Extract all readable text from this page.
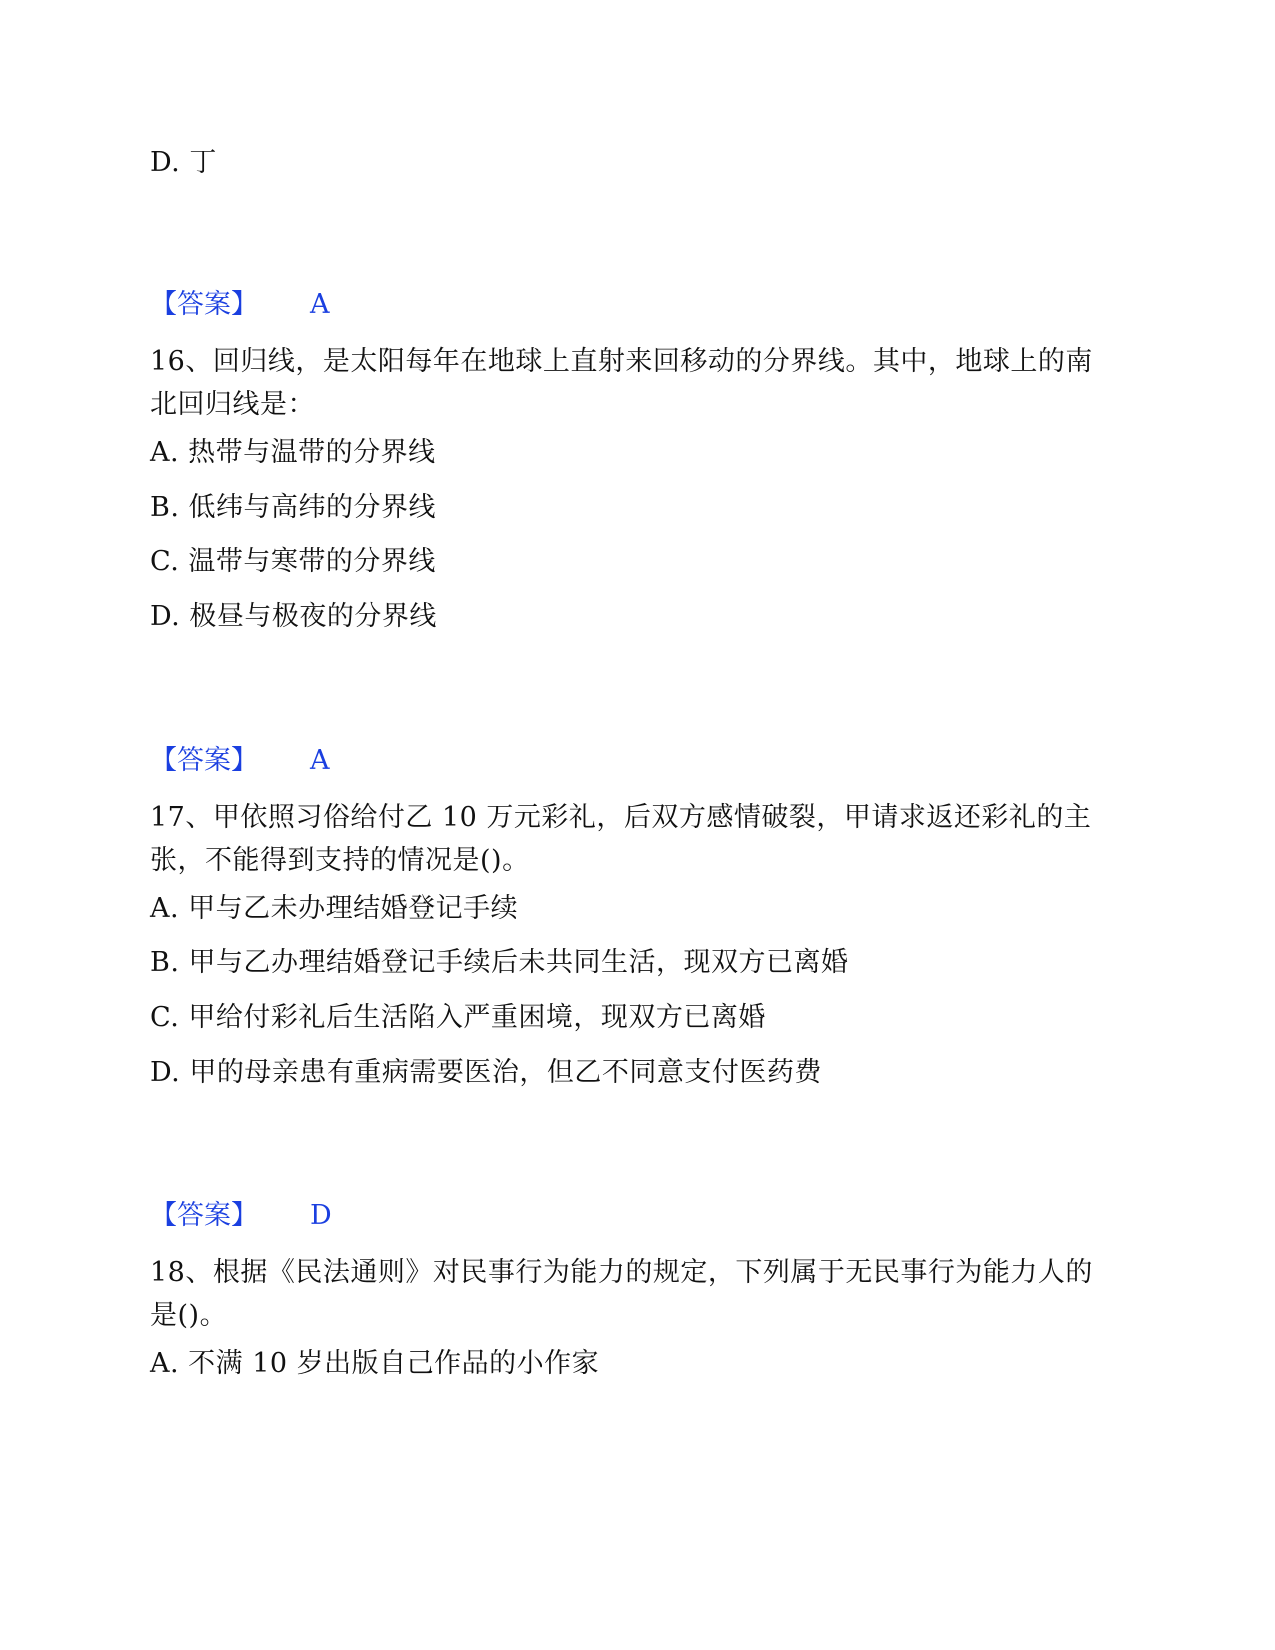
D. 丁
【答案】 A
16、回归线，是太阳每年在地球上直射来回移动的分界线。其中，地球上的南北回归线是：
A. 热带与温带的分界线
B. 低纬与高纬的分界线
C. 温带与寒带的分界线
D. 极昼与极夜的分界线
【答案】 A
17、甲依照习俗给付乙 10 万元彩礼，后双方感情破裂，甲请求返还彩礼的主张，不能得到支持的情况是()。
A. 甲与乙未办理结婚登记手续
B. 甲与乙办理结婚登记手续后未共同生活，现双方已离婚
C. 甲给付彩礼后生活陷入严重困境，现双方已离婚
D. 甲的母亲患有重病需要医治，但乙不同意支付医药费
【答案】 D
18、根据《民法通则》对民事行为能力的规定，下列属于无民事行为能力人的是()。
A. 不满 10 岁出版自己作品的小作家
